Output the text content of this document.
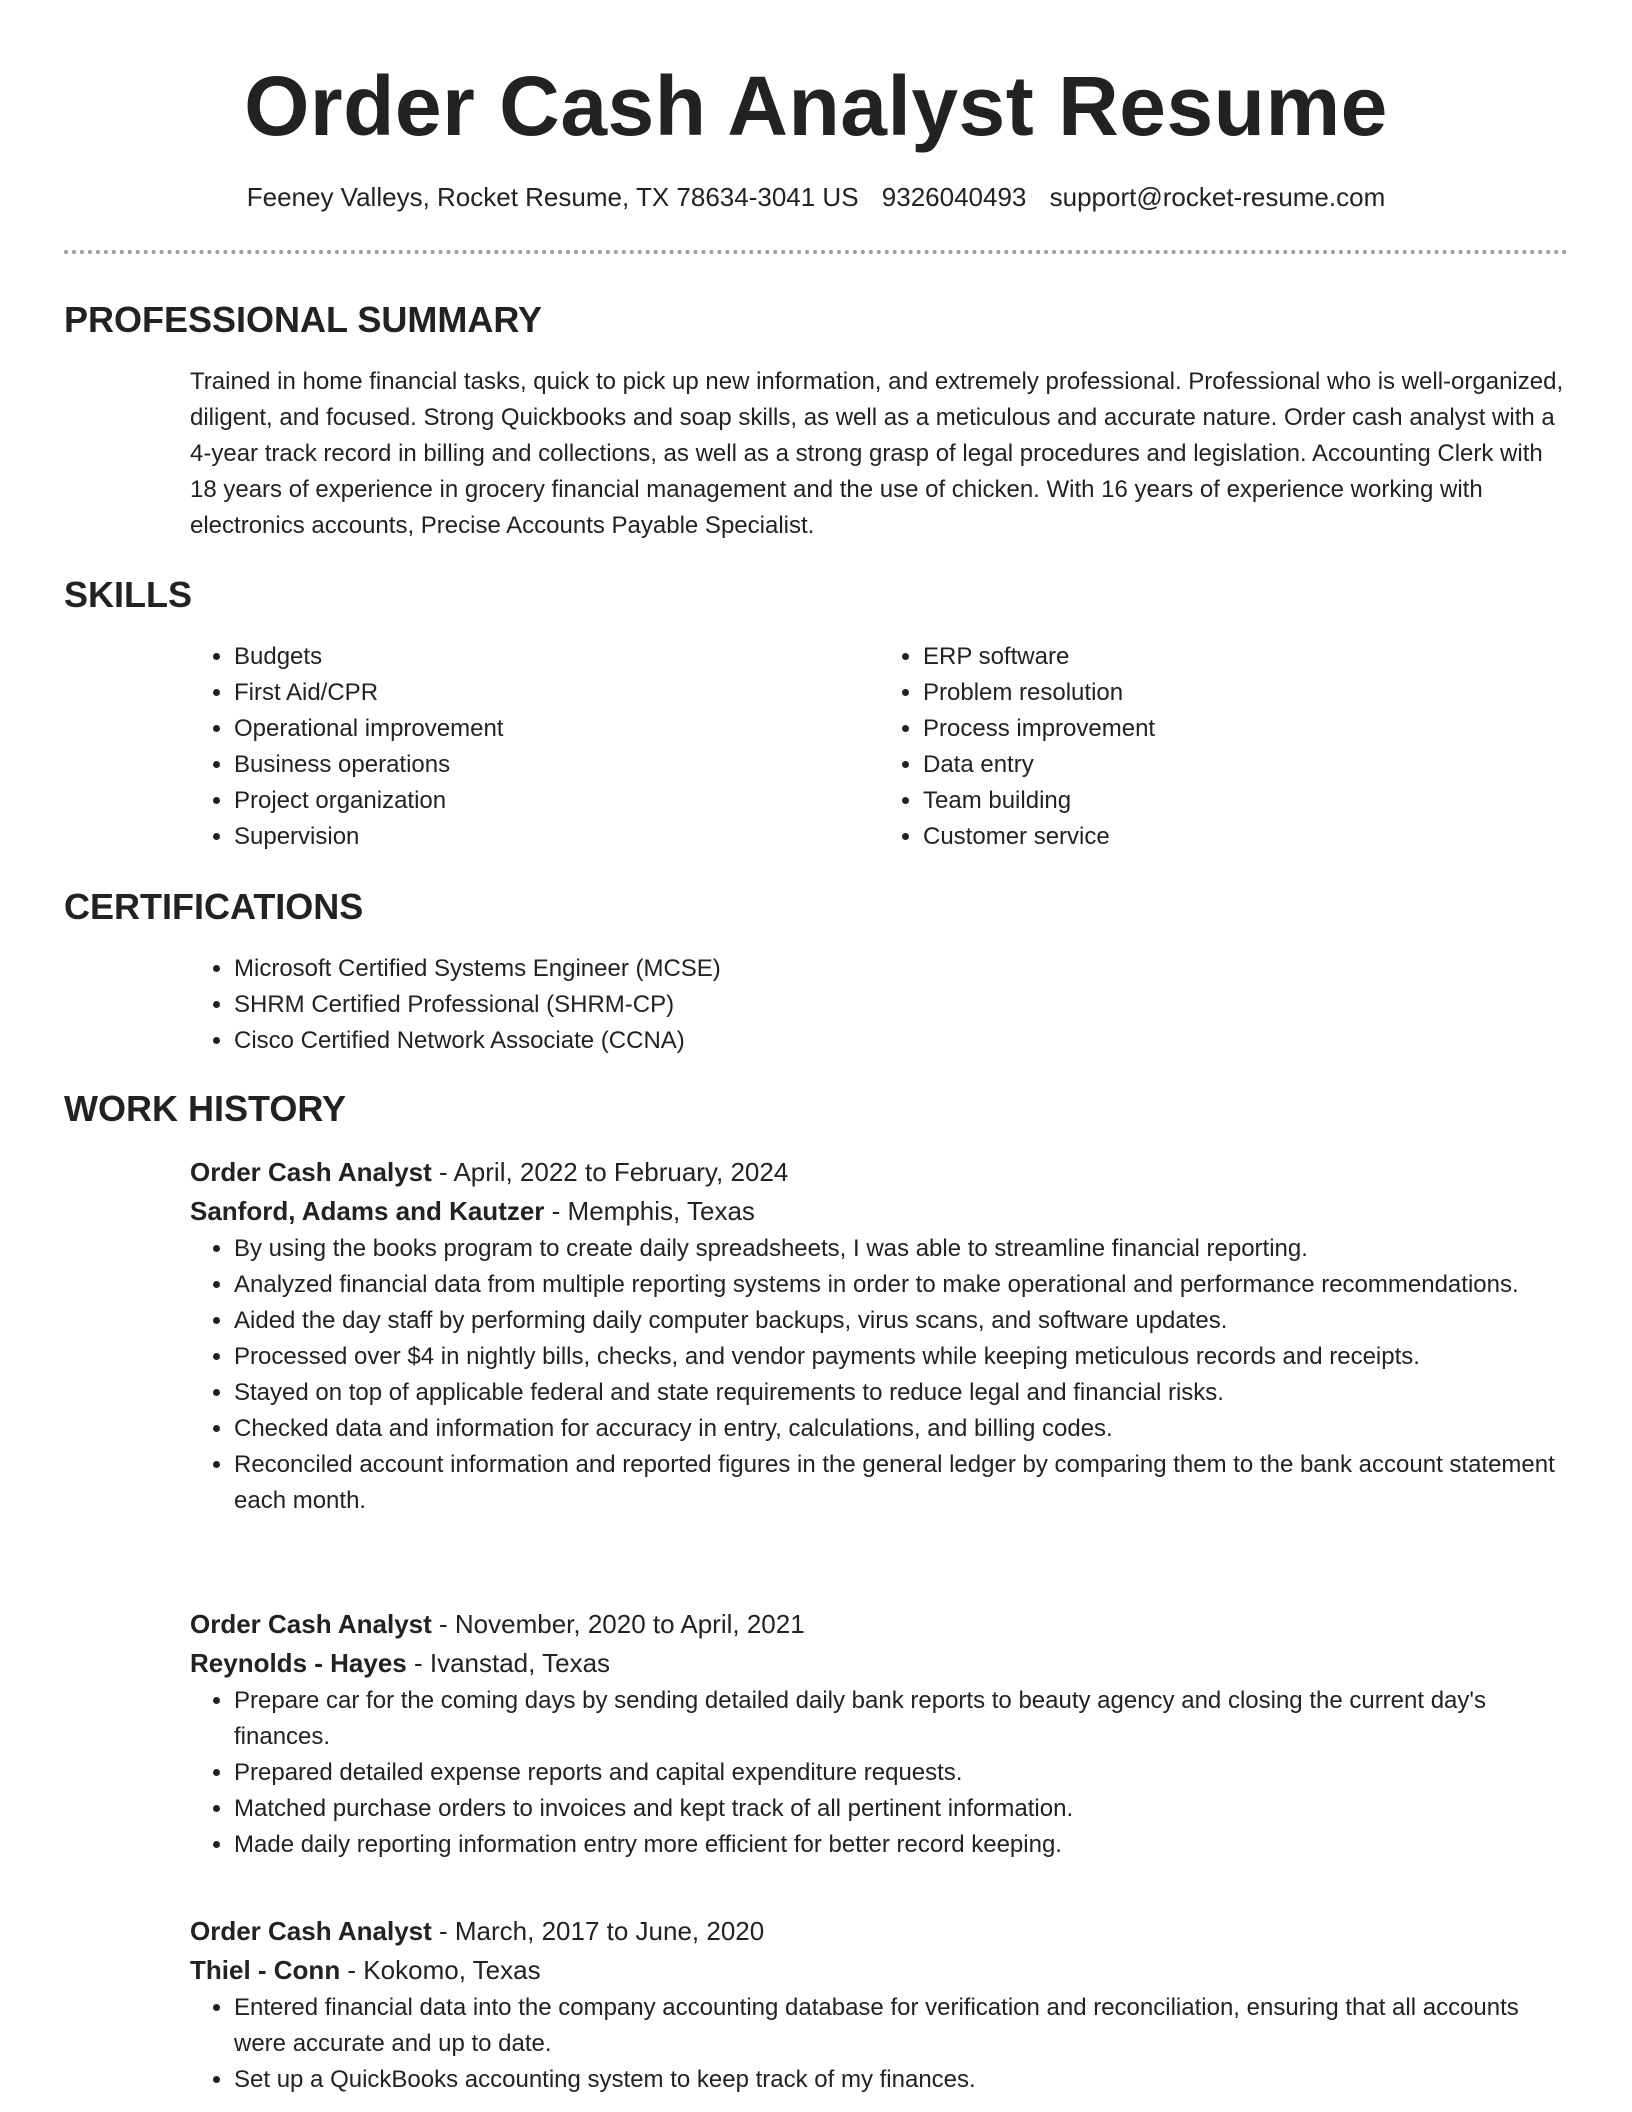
Order Cash Analyst Resume
Feeney Valleys, Rocket Resume, TX 78634-3041 US 9326040493 support@rocket-resume.com
PROFESSIONAL SUMMARY

Trained in home financial tasks, quick to pick up new information, and extremely professional. Professional who is well-organized, diligent, and focused. Strong Quickbooks and soap skills, as well as a meticulous and accurate nature. Order cash analyst with a 4-year track record in billing and collections, as well as a strong grasp of legal procedures and legislation. Accounting Clerk with 18 years of experience in grocery financial management and the use of chicken. With 16 years of experience working with electronics accounts, Precise Accounts Payable Specialist.

SKILLS
• Budgets
• First Aid/CPR
• Operational improvement
• Business operations
• Project organization
• Supervision
• ERP software
• Problem resolution
• Process improvement
• Data entry
• Team building
• Customer service
CERTIFICATIONS
• Microsoft Certified Systems Engineer (MCSE)
• SHRM Certified Professional (SHRM-CP)
• Cisco Certified Network Associate (CCNA)
WORK HISTORY

Order Cash Analyst - April, 2022 to February, 2024

Sanford, Adams and Kautzer - Memphis, Texas

• By using the books program to create daily spreadsheets, I was able to streamline financial reporting.
• Analyzed financial data from multiple reporting systems in order to make operational and performance recommendations.
• Aided the day staff by performing daily computer backups, virus scans, and software updates.
• Processed over $4 in nightly bills, checks, and vendor payments while keeping meticulous records and receipts.
• Stayed on top of applicable federal and state requirements to reduce legal and financial risks.
• Checked data and information for accuracy in entry, calculations, and billing codes.
• Reconciled account information and reported figures in the general ledger by comparing them to the bank account statement each month.

Order Cash Analyst - November, 2020 to April, 2021

Reynolds - Hayes - Ivanstad, Texas

• Prepare car for the coming days by sending detailed daily bank reports to beauty agency and closing the current day's finances.
• Prepared detailed expense reports and capital expenditure requests.
• Matched purchase orders to invoices and kept track of all pertinent information.
• Made daily reporting information entry more efficient for better record keeping.

Order Cash Analyst - March, 2017 to June, 2020

Thiel - Conn - Kokomo, Texas

• Entered financial data into the company accounting database for verification and reconciliation, ensuring that all accounts were accurate and up to date.
• Set up a QuickBooks accounting system to keep track of my finances.
